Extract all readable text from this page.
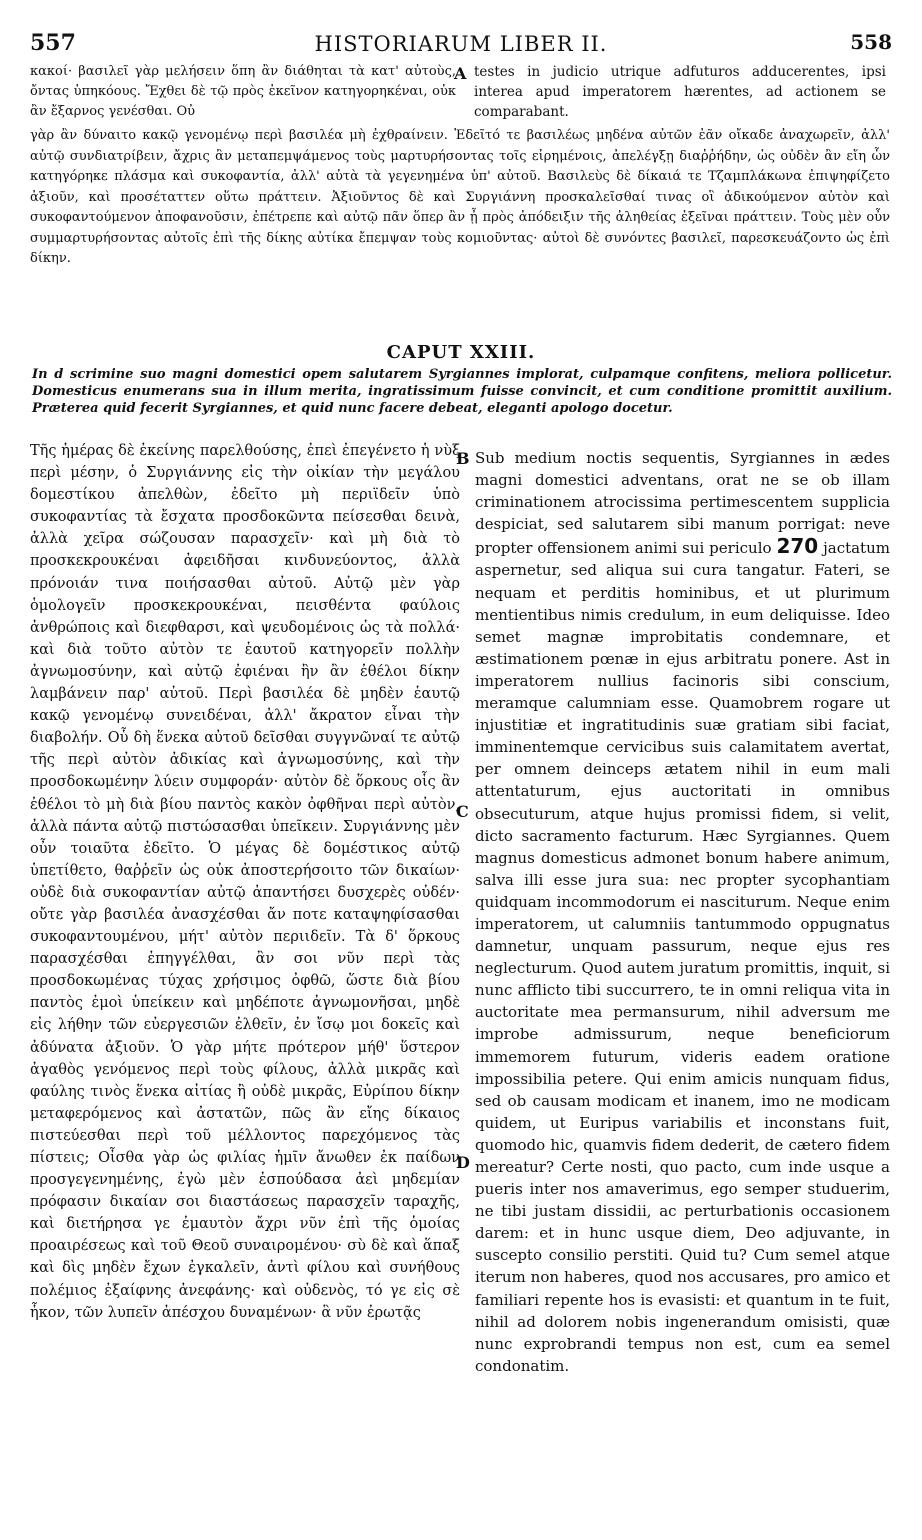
557	HISTORIARUM LIBER II.	558

κακοί· βασιλεῖ γὰρ μελήσειν ὅπη ἂν διάθηται τὰ κατ' αὐτοὺς, ὄντας ὑπηκόους. Ἔχθει δὲ τῷ πρὸς ἐκεῖνον κατηγορηκέναι, οὐκ ἂν ἔξαρνος γενέσθαι. Οὐ

A testes in judicio utrique adfuturos adducerentes, ipsi interea apud imperatorem hærentes, ad actionem se comparabant.

γὰρ ἂν δύναιτο κακῷ γενομένῳ περὶ βασιλέα μὴ ἐχθραίνειν. Ἐδεῖτό τε βασιλέως μηδένα αὐτῶν ἐᾶν οἴκαδε ἀναχωρεῖν, ἀλλ' αὐτῷ συνδιατρίβειν, ἄχρις ἂν μεταπεμψάμενος τοὺς μαρτυρήσοντας τοῖς εἰρημένοις, ἀπελέγξῃ διαῤῥήδην, ὡς οὐδὲν ἂν εἴη ὧν κατηγόρηκε πλάσμα καὶ συκοφαντία, ἀλλ' αὐτὰ τὰ γεγενημένα ὑπ' αὐτοῦ. Βασιλεὺς δὲ δίκαιά τε Τζαμπλάκωνα ἐπιψηφίζετο ἀξιοῦν, καὶ προσέταττεν οὕτω πράττειν. Ἀξιοῦντος δὲ καὶ Συργιάννη προσκαλεῖσθαί τινας οἳ ἀδικούμενον αὐτὸν καὶ συκοφαντούμενον ἀποφανοῦσιν, ἐπέτρεπε καὶ αὐτῷ πᾶν ὅπερ ἂν ᾖ πρὸς ἀπόδειξιν τῆς ἀληθείας ἐξεῖναι πράττειν. Τοὺς μὲν οὖν συμμαρτυρήσοντας αὐτοῖς ἐπὶ τῆς δίκης αὐτίκα ἔπεμψαν τοὺς κομιοῦντας· αὐτοὶ δὲ συνόντες βασιλεῖ, παρεσκευάζοντο ὡς ἐπὶ δίκην.

CAPUT XXIII.

In d scrimine suo magni domestici opem salutarem Syrgiannes implorat, culpamque confitens, meliora pollicetur. Domesticus enumerans sua in illum merita, ingratissimum fuisse convincit, et cum conditione promittit auxilium. Præterea quid fecerit Syrgiannes, et quid nunc facere debeat, eleganti apologo docetur.

Τῆς ἡμέρας δὲ ἐκείνης παρελθούσης, ἐπεὶ ἐπεγένετο ἡ νὺξ περὶ μέσην, ὁ Συργιάννης εἰς τὴν οἰκίαν τὴν μεγάλου δομεστίκου ἀπελθὼν, ἐδεῖτο μὴ περιϊδεῖν ὑπὸ συκοφαντίας τὰ ἔσχατα προσδοκῶντα πείσεσθαι δεινὰ, ἀλλὰ χεῖρα σώζουσαν παρασχεῖν· καὶ μὴ διὰ τὸ προσκεκρουκέναι ἀφειδῆσαι κινδυνεύοντος, ἀλλὰ πρόνοιάν τινα ποιήσασθαι αὐτοῦ. Αὐτῷ μὲν γὰρ ὁμολογεῖν προσκεκρουκέναι, πεισθέντα φαύλοις ἀνθρώποις καὶ διεφθαρσι, καὶ ψευδομένοις ὡς τὰ πολλά· καὶ διὰ τοῦτο αὐτὸν τε ἑαυτοῦ κατηγορεῖν πολλὴν ἀγνωμοσύνην, καὶ αὐτῷ ἐφιέναι ἣν ἂν ἐθέλοι δίκην λαμβάνειν παρ' αὐτοῦ. Περὶ βασιλέα δὲ μηδὲν ἑαυτῷ κακῷ γενομένῳ συνειδέναι, ἀλλ' ἄκρατον εἶναι τὴν διαβολήν. Οὗ δὴ ἕνεκα αὐτοῦ δεῖσθαι συγγνῶναί τε αὐτῷ τῆς περὶ αὐτὸν ἀδικίας καὶ ἀγνωμοσύνης, καὶ τὴν προσδοκωμένην λύειν συμφοράν· αὐτὸν δὲ ὅρκους οἷς ἂν ἐθέλοι τὸ μὴ διὰ βίου παντὸς κακὸν ὀφθῆναι περὶ αὐτὸν, ἀλλὰ πάντα αὐτῷ πιστώσασθαι ὑπεῖκειν. Συργιάννης μὲν οὖν τοιαῦτα ἐδεῖτο. Ὁ μέγας δὲ δομέστικος αὐτῷ ὑπετίθετο, θαῤῥεῖν ὡς οὐκ ἀποστερήσοιτο τῶν δικαίων· οὐδὲ διὰ συκοφαντίαν αὐτῷ ἀπαντήσει δυσχερὲς οὐδέν· οὔτε γὰρ βασιλέα ἀνασχέσθαι ἄν ποτε καταψηφίσασθαι συκοφαντουμένου, μήτ' αὐτὸν περιιδεῖν. Τὰ δ' ὅρκους παρασχέσθαι ἐπηγγέλθαι, ἂν σοι νῦν περὶ τὰς προσδοκωμένας τύχας χρήσιμος ὀφθῶ, ὥστε διὰ βίου παντὸς ἐμοὶ ὑπείκειν καὶ μηδέποτε ἀγνωμονῆσαι, μηδὲ εἰς λήθην τῶν εὐεργεσιῶν ἐλθεῖν, ἐν ἴσῳ μοι δοκεῖς καὶ ἀδύνατα ἀξιοῦν. Ὁ γὰρ μήτε πρότερον μήθ' ὕστερον ἀγαθὸς γενόμενος περὶ τοὺς φίλους, ἀλλὰ μικρᾶς καὶ φαύλης τινὸς ἕνεκα αἰτίας ἢ οὐδὲ μικρᾶς, Εὐρίπου δίκην μεταφερόμενος καὶ ἀστατῶν, πῶς ἂν εἴης δίκαιος πιστεύεσθαι περὶ τοῦ μέλλοντος παρεχόμενος τὰς πίστεις; Οἶσθα γὰρ ὡς φιλίας ἡμῖν ἄνωθεν ἐκ παίδων προσγεγενημένης, ἐγὼ μὲν ἐσπούδασα ἀεὶ μηδεμίαν πρόφασιν δικαίαν σοι διαστάσεως παρασχεῖν ταραχῆς, καὶ διετήρησα γε ἐμαυτὸν ἄχρι νῦν ἐπὶ τῆς ὁμοίας προαιρέσεως καὶ τοῦ Θεοῦ συναιρομένου· σὺ δὲ καὶ ἅπαξ καὶ δὶς μηδὲν ἔχων ἐγκαλεῖν, ἀντὶ φίλου καὶ συνήθους πολέμιος ἐξαίφνης ἀνεφάνης· καὶ οὐδενὸς, τό γε εἰς σὲ ἧκον, τῶν λυπεῖν ἀπέσχου δυναμένων· ἃ νῦν ἐρωτᾷς

B
C
D

Sub medium noctis sequentis, Syrgiannes in ædes magni domestici adventans, orat ne se ob illam criminationem atrocissima pertimescentem supplicia despiciat, sed salutarem sibi manum porrigat: neve propter offensionem animi sui periculo 270 jactatum aspernetur, sed aliqua sui cura tangatur. Fateri, se nequam et perditis hominibus, et ut plurimum mentientibus nimis credulum, in eum deliquisse. Ideo semet magnæ improbitatis condemnare, et æstimationem pœnæ in ejus arbitratu ponere. Ast in imperatorem nullius facinoris sibi conscium, meramque calumniam esse. Quamobrem rogare ut injustitiæ et ingratitudinis suæ gratiam sibi faciat, imminentemque cervicibus suis calamitatem avertat, per omnem deinceps ætatem nihil in eum mali attentaturum, ejus auctoritati in omnibus obsecuturum, atque hujus promissi fidem, si velit, dicto sacramento facturum. Hæc Syrgiannes. Quem magnus domesticus admonet bonum habere animum, salva illi esse jura sua: nec propter sycophantiam quidquam incommodorum ei nasciturum. Neque enim imperatorem, ut calumniis tantummodo oppugnatus damnetur, unquam passurum, neque ejus res neglecturum. Quod autem juratum promittis, inquit, si nunc afflicto tibi succurrero, te in omni reliqua vita in auctoritate mea permansurum, nihil adversum me improbe admissurum, neque beneficiorum immemorem futurum, videris eadem oratione impossibilia petere. Qui enim amicis nunquam fidus, sed ob causam modicam et inanem, imo ne modicam quidem, ut Euripus variabilis et inconstans fuit, quomodo hic, quamvis fidem dederit, de cætero fidem mereatur? Certe nosti, quo pacto, cum inde usque a pueris inter nos amaverimus, ego semper studuerim, ne tibi justam dissidii, ac perturbationis occasionem darem: et in hunc usque diem, Deo adjuvante, in suscepto consilio perstiti. Quid tu? Cum semel atque iterum non haberes, quod nos accusares, pro amico et familiari repente hos is evasisti: et quantum in te fuit, nihil ad dolorem nobis ingenerandum omisisti, quæ nunc exprobrandi tempus non est, cum ea semel condonatim.
